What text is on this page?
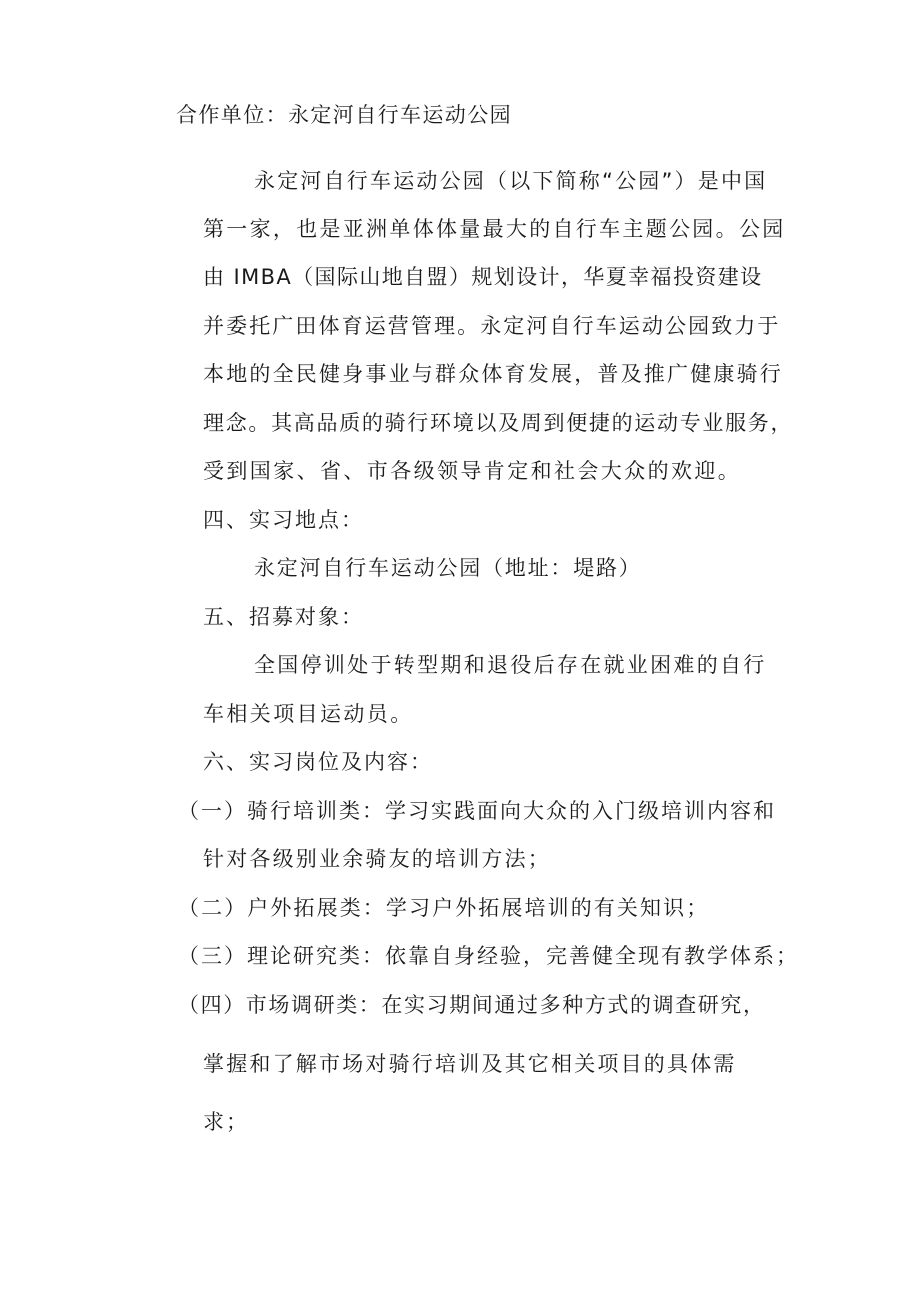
合作单位：永定河自行车运动公园
永定河自行车运动公园（以下简称“公园”）是中国
第一家，也是亚洲单体体量最大的自行车主题公园。公园
由 IMBA（国际山地自盟）规划设计，华夏幸福投资建设
并委托广田体育运营管理。永定河自行车运动公园致力于
本地的全民健身事业与群众体育发展，普及推广健康骑行
理念。其高品质的骑行环境以及周到便捷的运动专业服务，
受到国家、省、市各级领导肯定和社会大众的欢迎。
四、实习地点：
永定河自行车运动公园（地址：堤路）
五、招募对象：
全国停训处于转型期和退役后存在就业困难的自行
车相关项目运动员。
六、实习岗位及内容：
（一）骑行培训类：学习实践面向大众的入门级培训内容和
针对各级别业余骑友的培训方法；
（二）户外拓展类：学习户外拓展培训的有关知识；
（三）理论研究类：依靠自身经验，完善健全现有教学体系；
（四）市场调研类：在实习期间通过多种方式的调查研究，
掌握和了解市场对骑行培训及其它相关项目的具体需
求；
